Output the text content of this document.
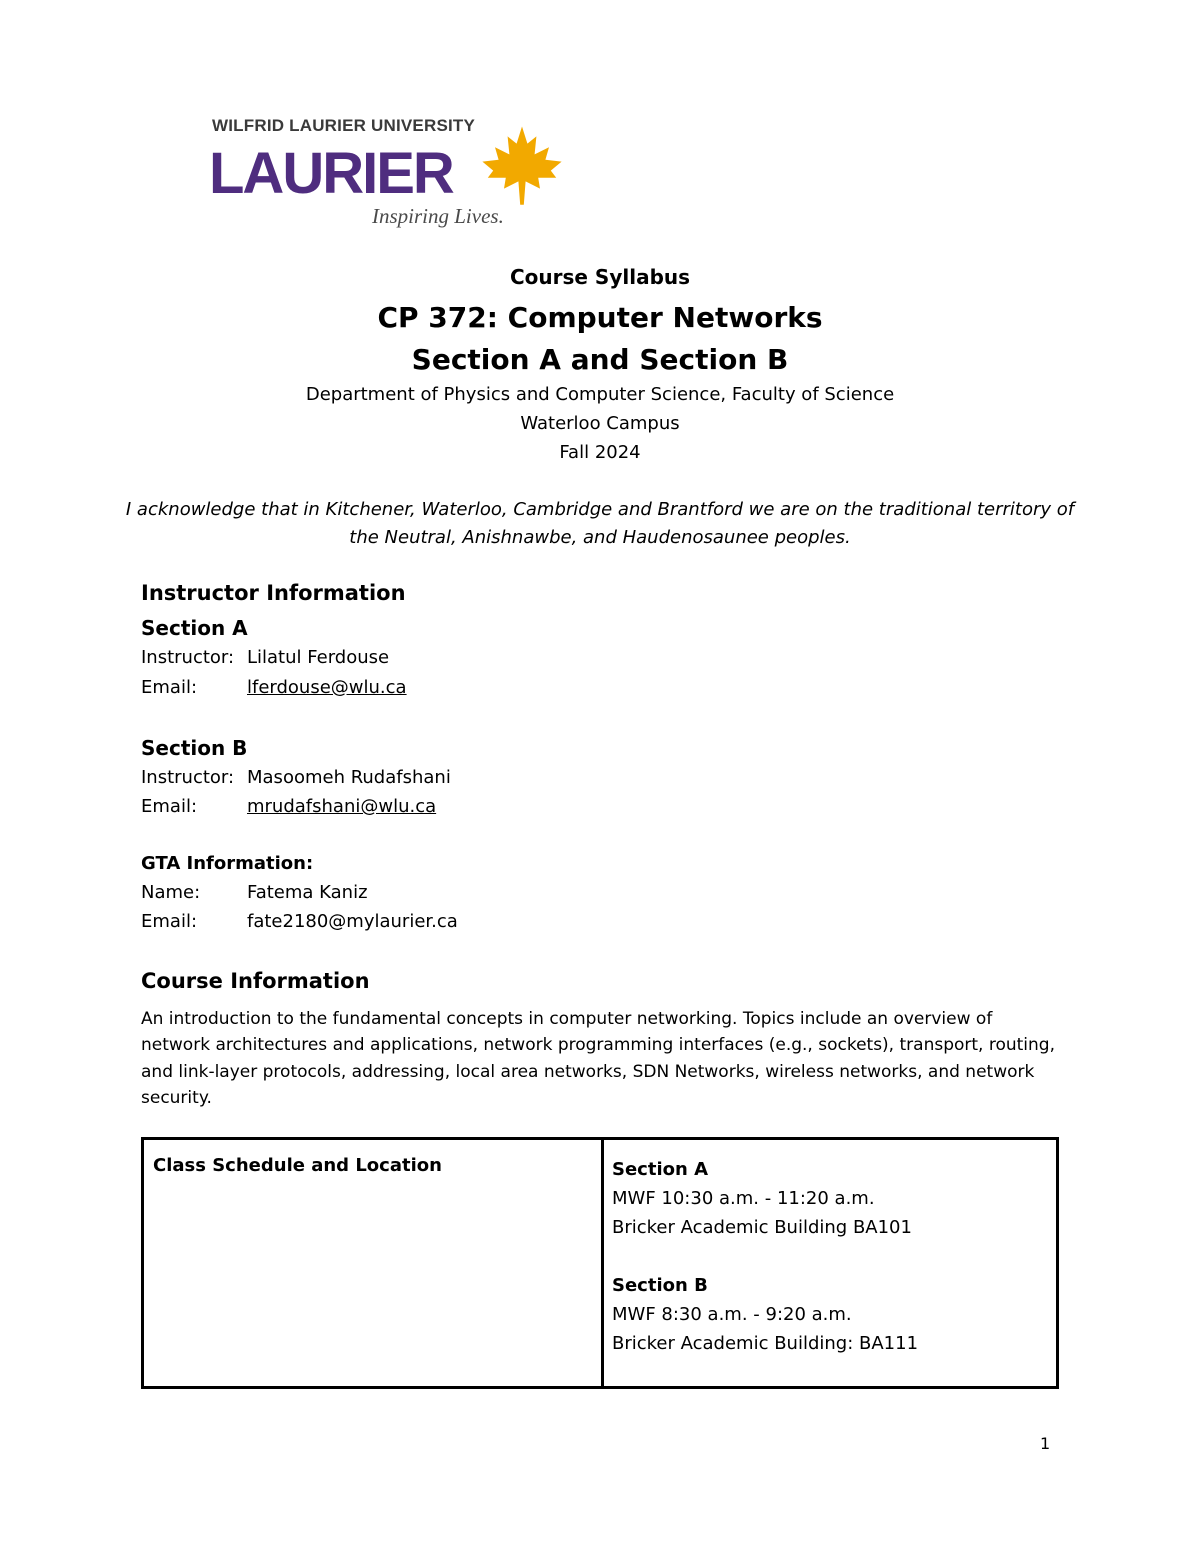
WILFRID LAURIER UNIVERSITY
LAURIER
Inspiring Lives.
Course Syllabus
CP 372: Computer Networks
Section A and Section B
Department of Physics and Computer Science, Faculty of Science
Waterloo Campus
Fall 2024
I acknowledge that in Kitchener, Waterloo, Cambridge and Brantford we are on the traditional territory of the Neutral, Anishnawbe, and Haudenosaunee peoples.
Instructor Information
Section A
Instructor: Lilatul Ferdouse
Email:	lferdouse@wlu.ca
Section B
Instructor: Masoomeh Rudafshani
Email:	mrudafshani@wlu.ca
GTA Information:
Name:	Fatema Kaniz
Email:	fate2180@mylaurier.ca
Course Information
An introduction to the fundamental concepts in computer networking. Topics include an overview of network architectures and applications, network programming interfaces (e.g., sockets), transport, routing, and link-layer protocols, addressing, local area networks, SDN Networks, wireless networks, and network security.
Class Schedule and Location	Section A
MWF 10:30 a.m. - 11:20 a.m.
Bricker Academic Building BA101
Section B
MWF 8:30 a.m. - 9:20 a.m.
Bricker Academic Building: BA111
1
